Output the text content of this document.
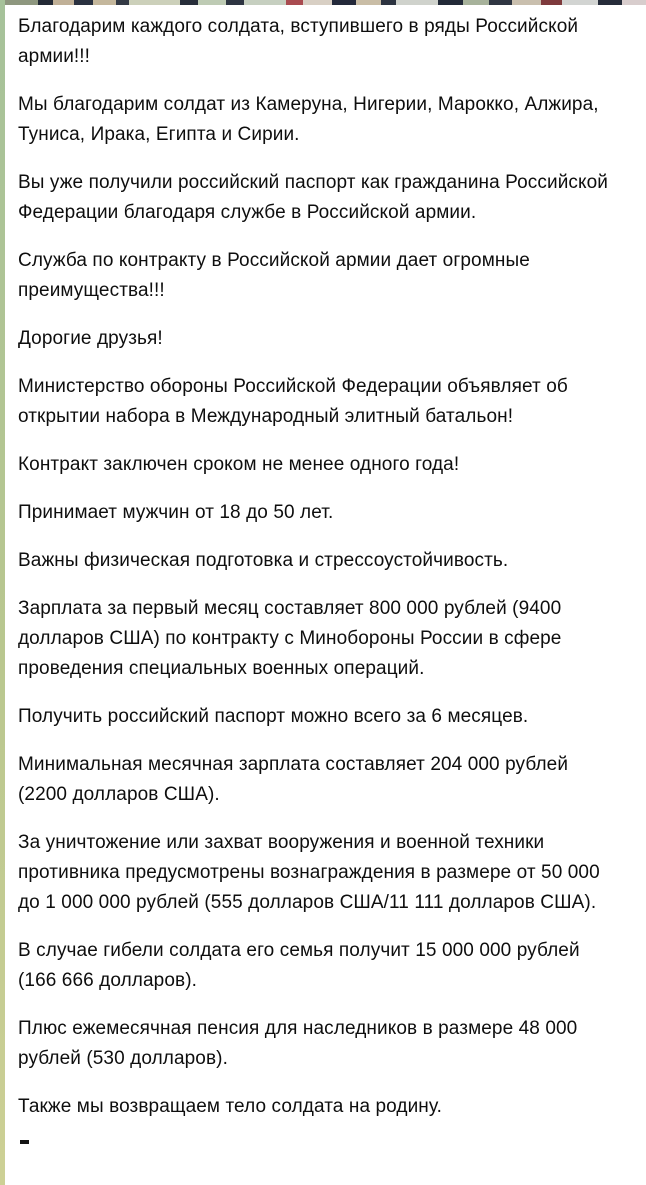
Благодарим каждого солдата, вступившего в ряды Российской армии!!!

Мы благодарим солдат из Камеруна, Нигерии, Марокко, Алжира, Туниса, Ирака, Египта и Сирии.

Вы уже получили российский паспорт как гражданина Российской Федерации благодаря службе в Российской армии.

Служба по контракту в Российской армии дает огромные преимущества!!!

Дорогие друзья!

Министерство обороны Российской Федерации объявляет об открытии набора в Международный элитный батальон!

Контракт заключен сроком не менее одного года!

Принимает мужчин от 18 до 50 лет.

Важны физическая подготовка и стрессоустойчивость.

Зарплата за первый месяц составляет 800 000 рублей (9400 долларов США) по контракту с Минобороны России в сфере проведения специальных военных операций.

Получить российский паспорт можно всего за 6 месяцев.

Минимальная месячная зарплата составляет 204 000 рублей (2200 долларов США).

За уничтожение или захват вооружения и военной техники противника предусмотрены вознаграждения в размере от 50 000 до 1 000 000 рублей (555 долларов США/11 111 долларов США).

В случае гибели солдата его семья получит 15 000 000 рублей (166 666 долларов).

Плюс ежемесячная пенсия для наследников в размере 48 000 рублей (530 долларов).

Также мы возвращаем тело солдата на родину.
